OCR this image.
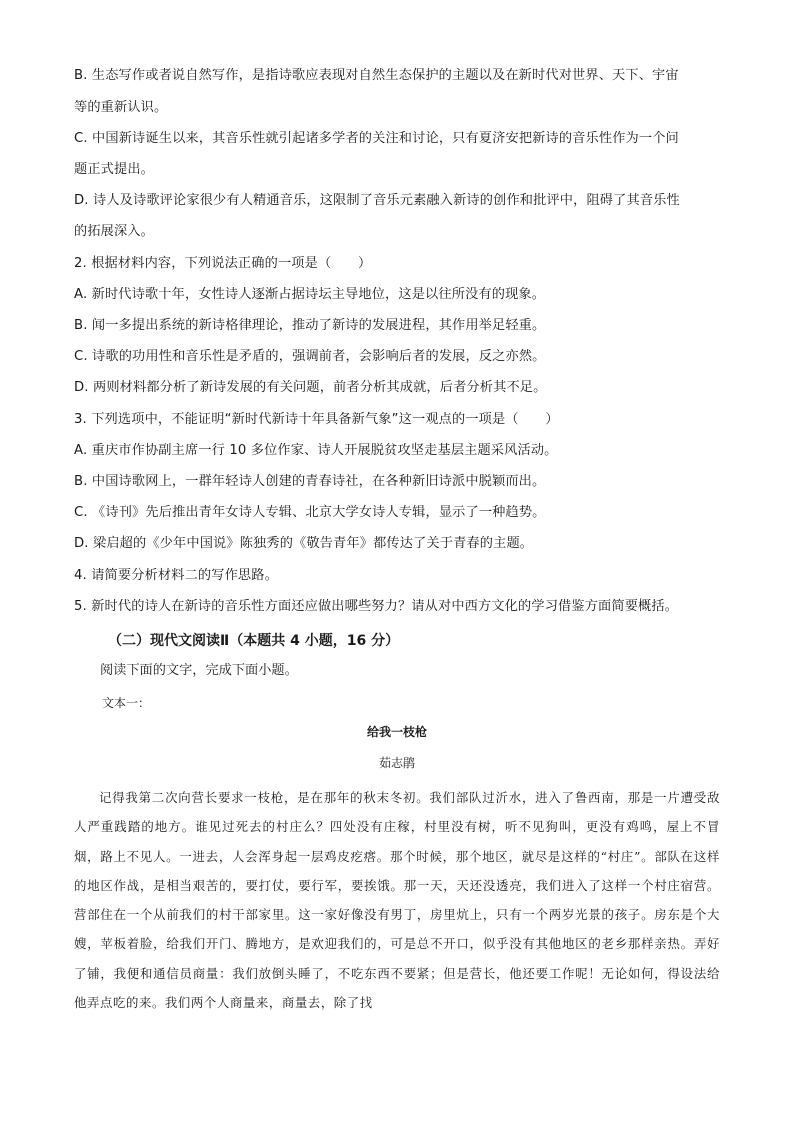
B. 生态写作或者说自然写作，是指诗歌应表现对自然生态保护的主题以及在新时代对世界、天下、宇宙
等的重新认识。
C. 中国新诗诞生以来，其音乐性就引起诸多学者的关注和讨论，只有夏济安把新诗的音乐性作为一个问
题正式提出。
D. 诗人及诗歌评论家很少有人精通音乐，这限制了音乐元素融入新诗的创作和批评中，阻碍了其音乐性
的拓展深入。
2. 根据材料内容，下列说法正确的一项是（　　）
A. 新时代诗歌十年，女性诗人逐渐占据诗坛主导地位，这是以往所没有的现象。
B. 闻一多提出系统的新诗格律理论，推动了新诗的发展进程，其作用举足轻重。
C. 诗歌的功用性和音乐性是矛盾的，强调前者，会影响后者的发展，反之亦然。
D. 两则材料都分析了新诗发展的有关问题，前者分析其成就，后者分析其不足。
3. 下列选项中，不能证明“新时代新诗十年具备新气象”这一观点的一项是（　　）
A. 重庆市作协副主席一行 10 多位作家、诗人开展脱贫攻坚走基层主题采风活动。
B. 中国诗歌网上，一群年轻诗人创建的青春诗社，在各种新旧诗派中脱颖而出。
C. 《诗刊》先后推出青年女诗人专辑、北京大学女诗人专辑，显示了一种趋势。
D. 梁启超的《少年中国说》陈独秀的《敬告青年》都传达了关于青春的主题。
4. 请简要分析材料二的写作思路。
5. 新时代的诗人在新诗的音乐性方面还应做出哪些努力？请从对中西方文化的学习借鉴方面简要概括。
（二）现代文阅读Ⅱ（本题共 4 小题，16 分）
阅读下面的文字，完成下面小题。
文本一：
给我一枝枪
茹志鹃
记得我第二次向营长要求一枝枪，是在那年的秋末冬初。我们部队过沂水，进入了鲁西南，那是一片遭受敌人严重践踏的地方。谁见过死去的村庄么？四处没有庄稼，村里没有树，听不见狗叫，更没有鸡鸣，屋上不冒烟，路上不见人。一进去，人会浑身起一层鸡皮疙瘩。那个时候，那个地区，就尽是这样的“村庄”。部队在这样的地区作战，是相当艰苦的，要打仗，要行军，要挨饿。那一天，天还没透亮，我们进入了这样一个村庄宿营。营部住在一个从前我们的村干部家里。这一家好像没有男丁，房里炕上，只有一个两岁光景的孩子。房东是个大嫂，苹板着脸，给我们开门、腾地方，是欢迎我们的，可是总不开口，似乎没有其他地区的老乡那样亲热。弄好了铺，我便和通信员商量：我们放倒头睡了，不吃东西不要紧；但是营长，他还要工作呢！无论如何，得设法给他弄点吃的来。我们两个人商量来，商量去，除了找
